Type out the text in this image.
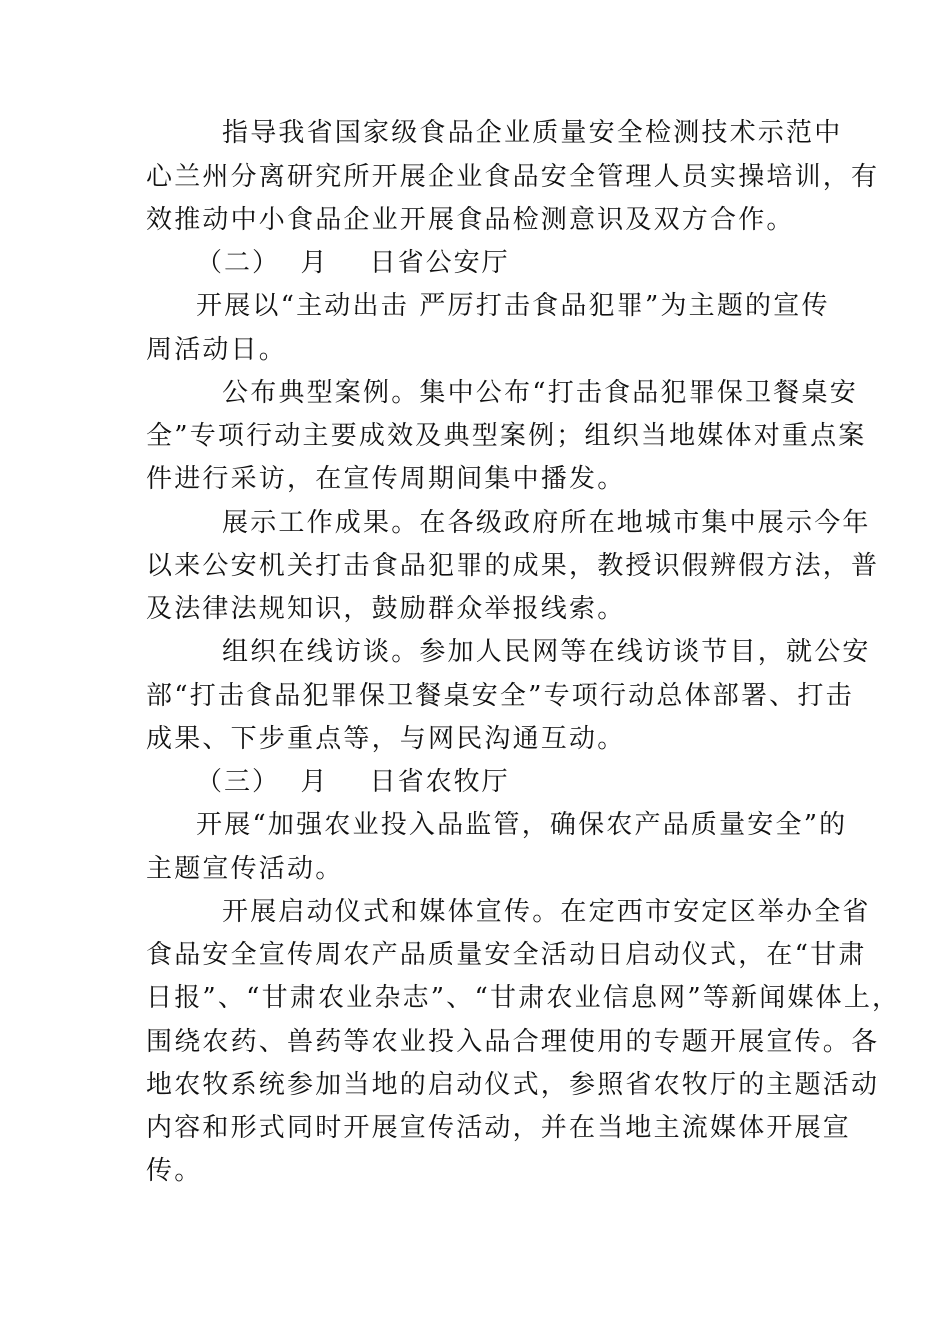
指导我省国家级食品企业质量安全检测技术示范中
心兰州分离研究所开展企业食品安全管理人员实操培训，有
效推动中小食品企业开展食品检测意识及双方合作。
（二）  月    日省公安厅
开展以“主动出击 严厉打击食品犯罪”为主题的宣传
周活动日。
公布典型案例。集中公布“打击食品犯罪保卫餐桌安
全”专项行动主要成效及典型案例；组织当地媒体对重点案
件进行采访，在宣传周期间集中播发。
展示工作成果。在各级政府所在地城市集中展示今年
以来公安机关打击食品犯罪的成果，教授识假辨假方法，普
及法律法规知识，鼓励群众举报线索。
组织在线访谈。参加人民网等在线访谈节目，就公安
部“打击食品犯罪保卫餐桌安全”专项行动总体部署、打击
成果、下步重点等，与网民沟通互动。
（三）  月    日省农牧厅
开展“加强农业投入品监管，确保农产品质量安全”的
主题宣传活动。
开展启动仪式和媒体宣传。在定西市安定区举办全省
食品安全宣传周农产品质量安全活动日启动仪式，在“甘肃
日报”、“甘肃农业杂志”、“甘肃农业信息网”等新闻媒体上，
围绕农药、兽药等农业投入品合理使用的专题开展宣传。各
地农牧系统参加当地的启动仪式，参照省农牧厅的主题活动
内容和形式同时开展宣传活动，并在当地主流媒体开展宣
传。
